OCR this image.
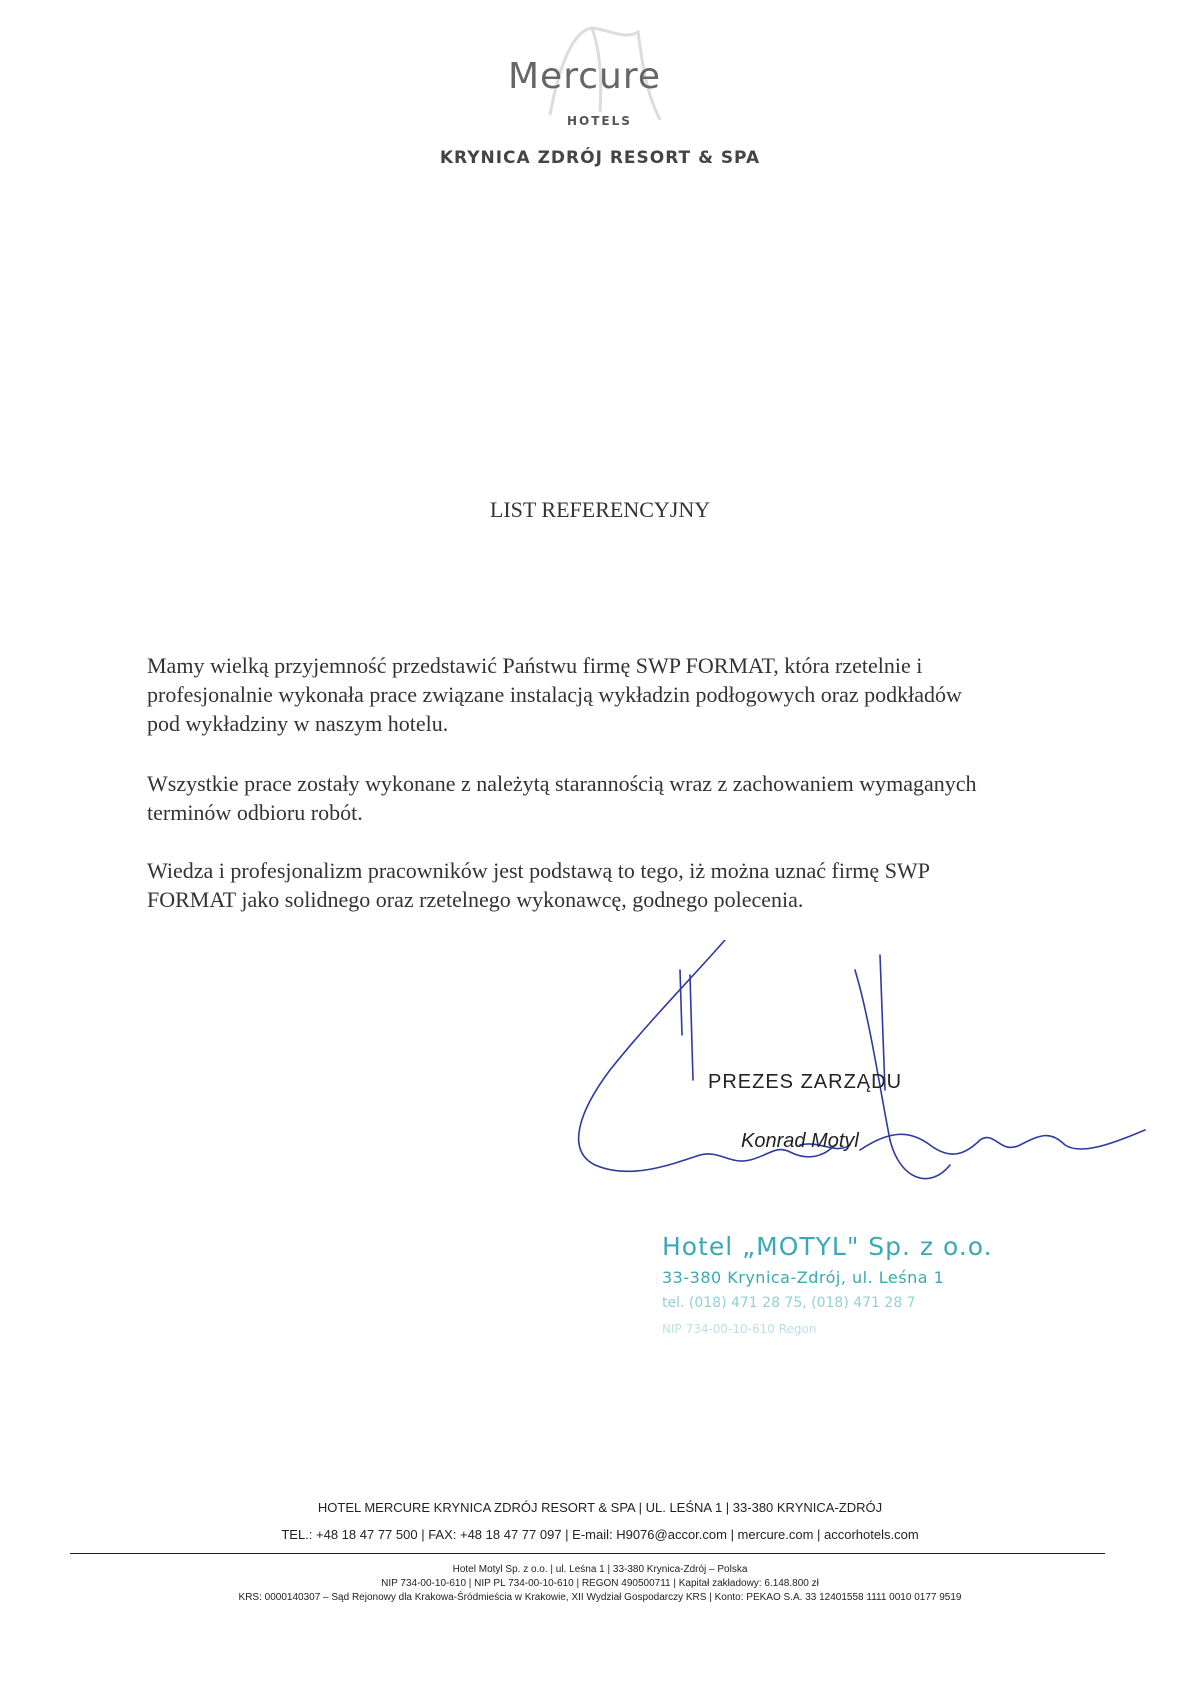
Mercure
HOTELS
KRYNICA ZDRÓJ RESORT & SPA
LIST REFERENCYJNY
Mamy wielką przyjemność przedstawić Państwu firmę SWP FORMAT, która rzetelnie i
profesjonalnie wykonała prace związane instalacją wykładzin podłogowych oraz podkładów
pod wykładziny w naszym hotelu.
Wszystkie prace zostały wykonane z należytą starannością wraz z zachowaniem wymaganych
terminów odbioru robót.
Wiedza i profesjonalizm pracowników jest podstawą to tego, iż można uznać firmę SWP
FORMAT jako solidnego oraz rzetelnego wykonawcę, godnego polecenia.
PREZES ZARZĄDU
Konrad Motyl
Hotel „MOTYL" Sp. z o.o.
33-380 Krynica-Zdrój, ul. Leśna 1
tel. (018) 471 28 75, (018) 471 28 7
NIP 734-00-10-610 Regon
HOTEL MERCURE KRYNICA ZDRÓJ RESORT & SPA | UL. LEŚNA 1 | 33-380 KRYNICA-ZDRÓJ
TEL.: +48 18 47 77 500 | FAX: +48 18 47 77 097 | E-mail: H9076@accor.com | mercure.com | accorhotels.com
Hotel Motyl Sp. z o.o. | ul. Leśna 1 | 33-380 Krynica-Zdrój – Polska
NIP 734-00-10-610 | NIP PL 734-00-10-610 | REGON 490500711 | Kapitał zakładowy: 6.148.800 zł
KRS: 0000140307 – Sąd Rejonowy dla Krakowa-Śródmieścia w Krakowie, XII Wydział Gospodarczy KRS | Konto: PEKAO S.A. 33 12401558 1111 0010 0177 9519
